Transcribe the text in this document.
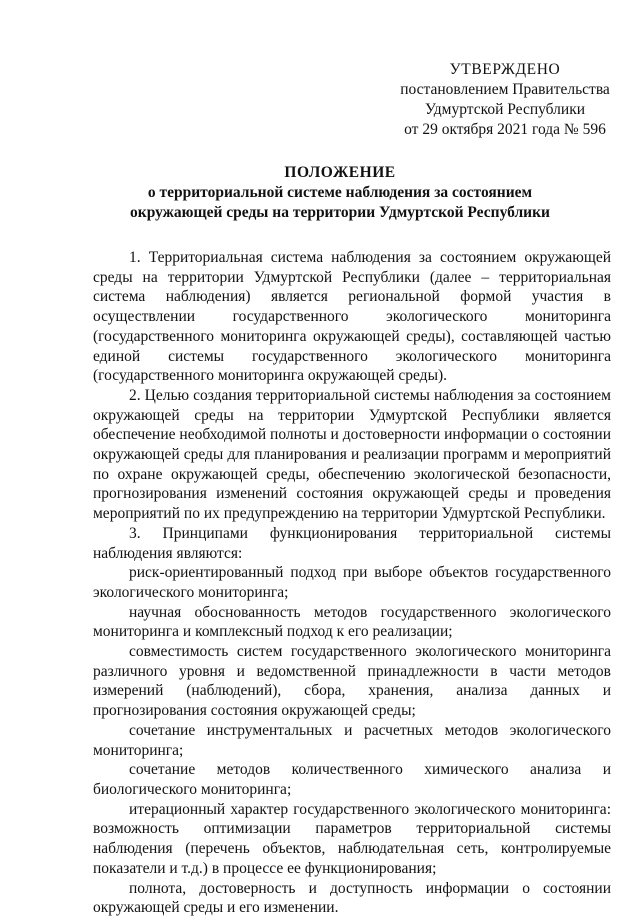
УТВЕРЖДЕНО
постановлением Правительства
Удмуртской Республики
от 29 октября 2021 года № 596
ПОЛОЖЕНИЕ
о территориальной системе наблюдения за состоянием
окружающей среды на территории Удмуртской Республики

1. Территориальная система наблюдения за состоянием окружающей среды на территории Удмуртской Республики (далее – территориальная система наблюдения) является региональной формой участия в осуществлении государственного экологического мониторинга (государственного мониторинга окружающей среды), составляющей частью единой системы государственного экологического мониторинга (государственного мониторинга окружающей среды).

2. Целью создания территориальной системы наблюдения за состоянием окружающей среды на территории Удмуртской Республики является обеспечение необходимой полноты и достоверности информации о состоянии окружающей среды для планирования и реализации программ и мероприятий по охране окружающей среды, обеспечению экологической безопасности, прогнозирования изменений состояния окружающей среды и проведения мероприятий по их предупреждению на территории Удмуртской Республики.

3. Принципами функционирования территориальной системы наблюдения являются:

риск-ориентированный подход при выборе объектов государственного экологического мониторинга;

научная обоснованность методов государственного экологического мониторинга и комплексный подход к его реализации;

совместимость систем государственного экологического мониторинга различного уровня и ведомственной принадлежности в части методов измерений (наблюдений), сбора, хранения, анализа данных и прогнозирования состояния окружающей среды;

сочетание инструментальных и расчетных методов экологического мониторинга;

сочетание методов количественного химического анализа и биологического мониторинга;

итерационный характер государственного экологического мониторинга: возможность оптимизации параметров территориальной системы наблюдения (перечень объектов, наблюдательная сеть, контролируемые показатели и т.д.) в процессе ее функционирования;

полнота, достоверность и доступность информации о состоянии окружающей среды и его изменении.
